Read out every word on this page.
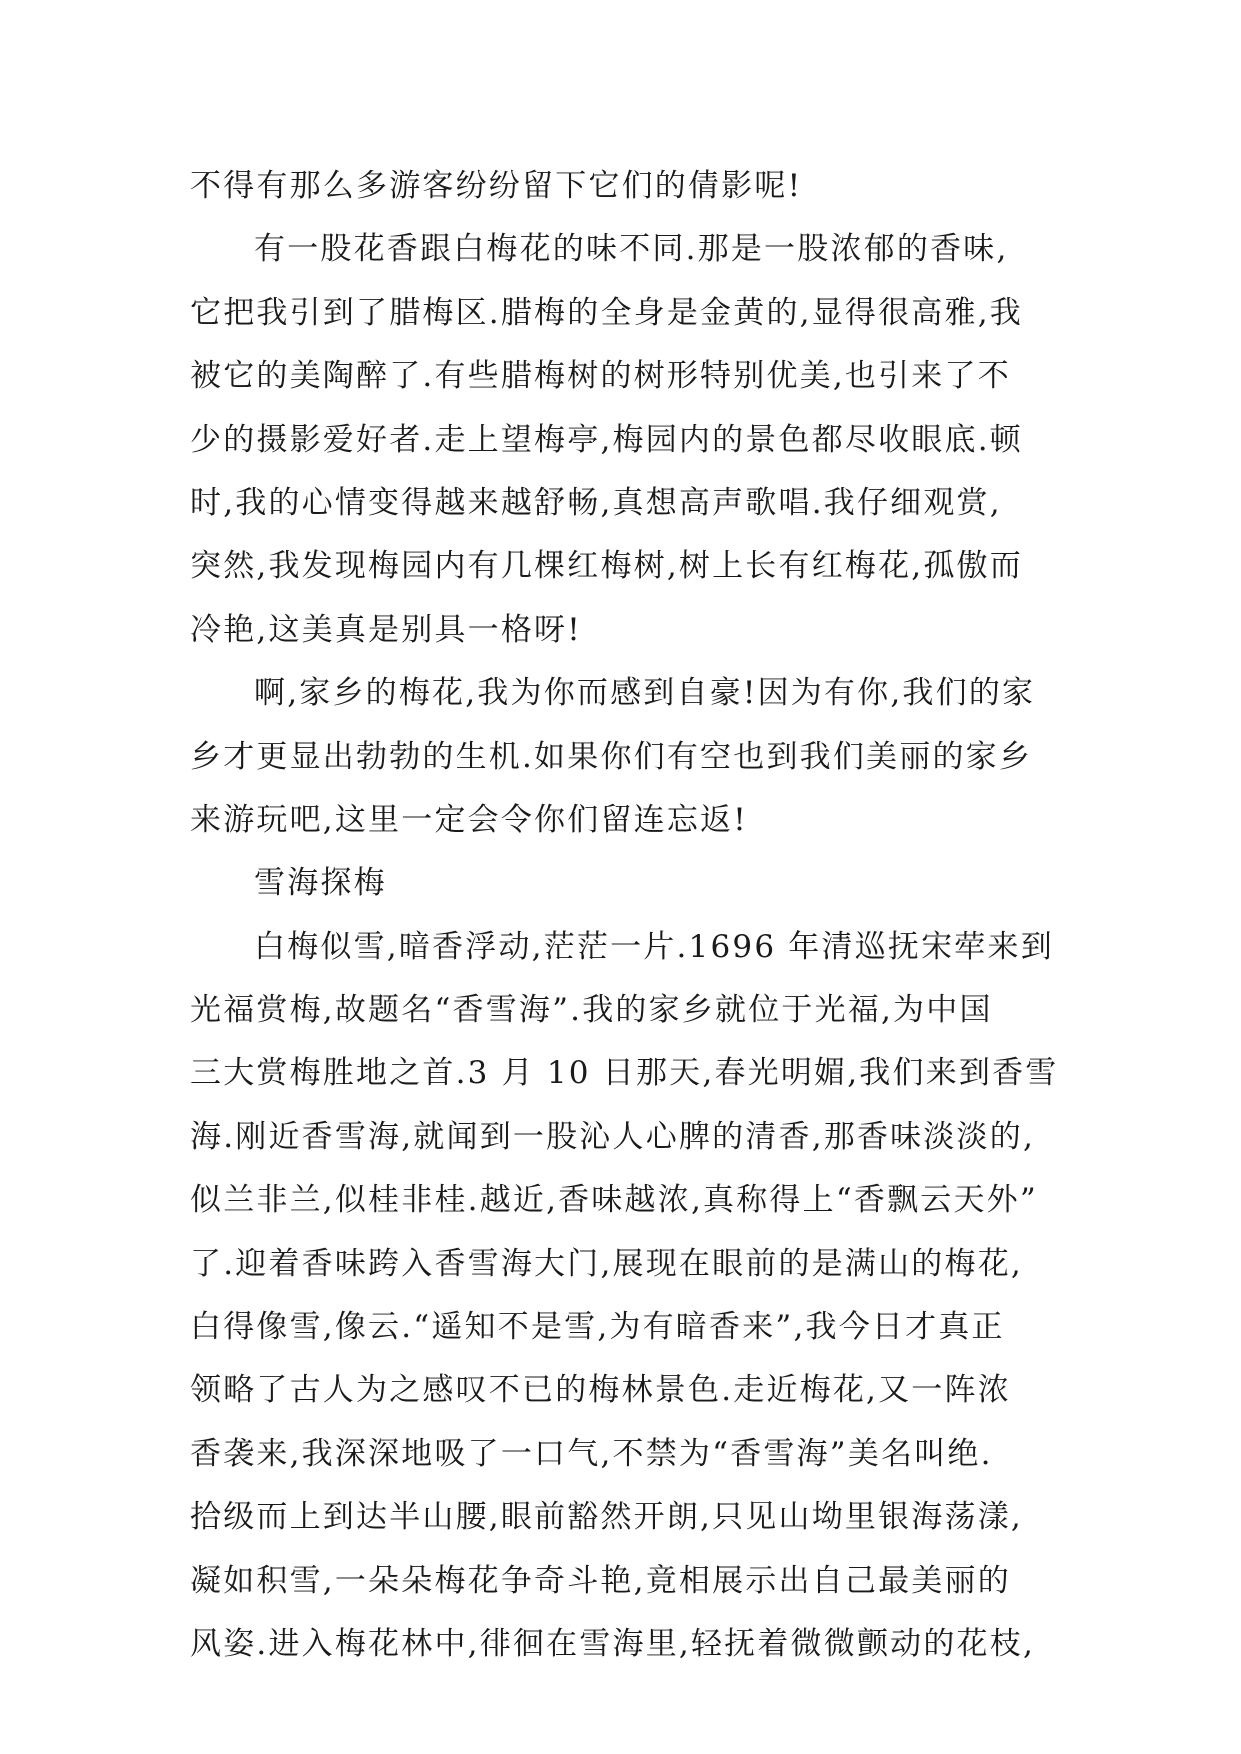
不得有那么多游客纷纷留下它们的倩影呢!
有一股花香跟白梅花的味不同.那是一股浓郁的香味,
它把我引到了腊梅区.腊梅的全身是金黄的,显得很高雅,我
被它的美陶醉了.有些腊梅树的树形特别优美,也引来了不
少的摄影爱好者.走上望梅亭,梅园内的景色都尽收眼底.顿
时,我的心情变得越来越舒畅,真想高声歌唱.我仔细观赏,
突然,我发现梅园内有几棵红梅树,树上长有红梅花,孤傲而
冷艳,这美真是别具一格呀!
啊,家乡的梅花,我为你而感到自豪!因为有你,我们的家
乡才更显出勃勃的生机.如果你们有空也到我们美丽的家乡
来游玩吧,这里一定会令你们留连忘返!
雪海探梅
白梅似雪,暗香浮动,茫茫一片.1696 年清巡抚宋荦来到
光福赏梅,故题名“香雪海”.我的家乡就位于光福,为中国
三大赏梅胜地之首.3 月 10 日那天,春光明媚,我们来到香雪
海.刚近香雪海,就闻到一股沁人心脾的清香,那香味淡淡的,
似兰非兰,似桂非桂.越近,香味越浓,真称得上“香飘云天外”
了.迎着香味跨入香雪海大门,展现在眼前的是满山的梅花,
白得像雪,像云.“遥知不是雪,为有暗香来”,我今日才真正
领略了古人为之感叹不已的梅林景色.走近梅花,又一阵浓
香袭来,我深深地吸了一口气,不禁为“香雪海”美名叫绝.
拾级而上到达半山腰,眼前豁然开朗,只见山坳里银海荡漾,
凝如积雪,一朵朵梅花争奇斗艳,竟相展示出自己最美丽的
风姿.进入梅花林中,徘徊在雪海里,轻抚着微微颤动的花枝,
